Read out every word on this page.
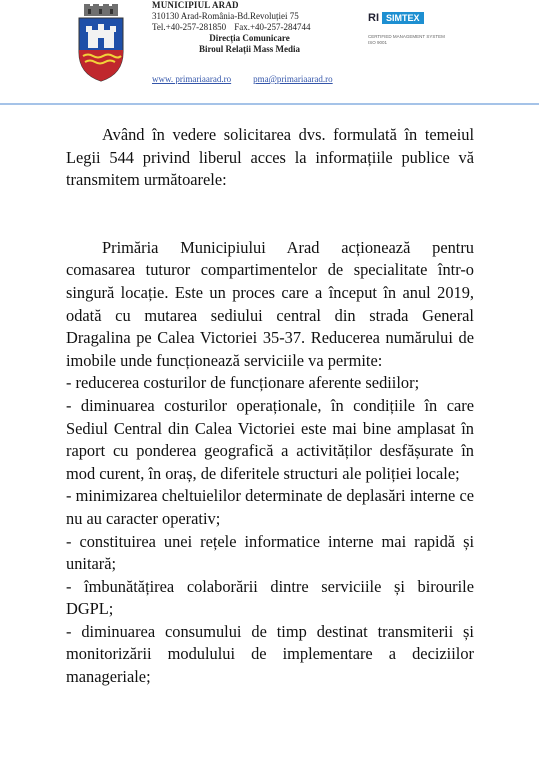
MUNICIPIUL ARAD
310130 Arad-România-Bd.Revoluției 75
Tel.+40-257-281850 Fax.+40-257-284744
Direcția Comunicare
Biroul Relații Mass Media
www. primariaarad.ro pma@primariaarad.ro
RI SIMTEX
CERTIFIED MANAGEMENT SYSTEM
ISO 9001

Având în vedere solicitarea dvs. formulată în temeiul Legii 544 privind liberul acces la informațiile publice vă transmitem următoarele:

Primăria Municipiului Arad acționează pentru comasarea tuturor compartimentelor de specialitate într-o singură locație. Este un proces care a început în anul 2019, odată cu mutarea sediului central din strada General Dragalina pe Calea Victoriei 35-37. Reducerea numărului de imobile unde funcționează serviciile va permite:

- reducerea costurilor de funcționare aferente sediilor;

- diminuarea costurilor operaționale, în condițiile în care Sediul Central din Calea Victoriei este mai bine amplasat în raport cu ponderea geografică a activităților desfășurate în mod curent, în oraș, de diferitele structuri ale poliției locale;

- minimizarea cheltuielilor determinate de deplasări interne ce nu au caracter operativ;

- constituirea unei rețele informatice interne mai rapidă și unitară;

- îmbunătățirea colaborării dintre serviciile și birourile DGPL;

- diminuarea consumului de timp destinat transmiterii și monitorizării modulului de implementare a deciziilor manageriale;
